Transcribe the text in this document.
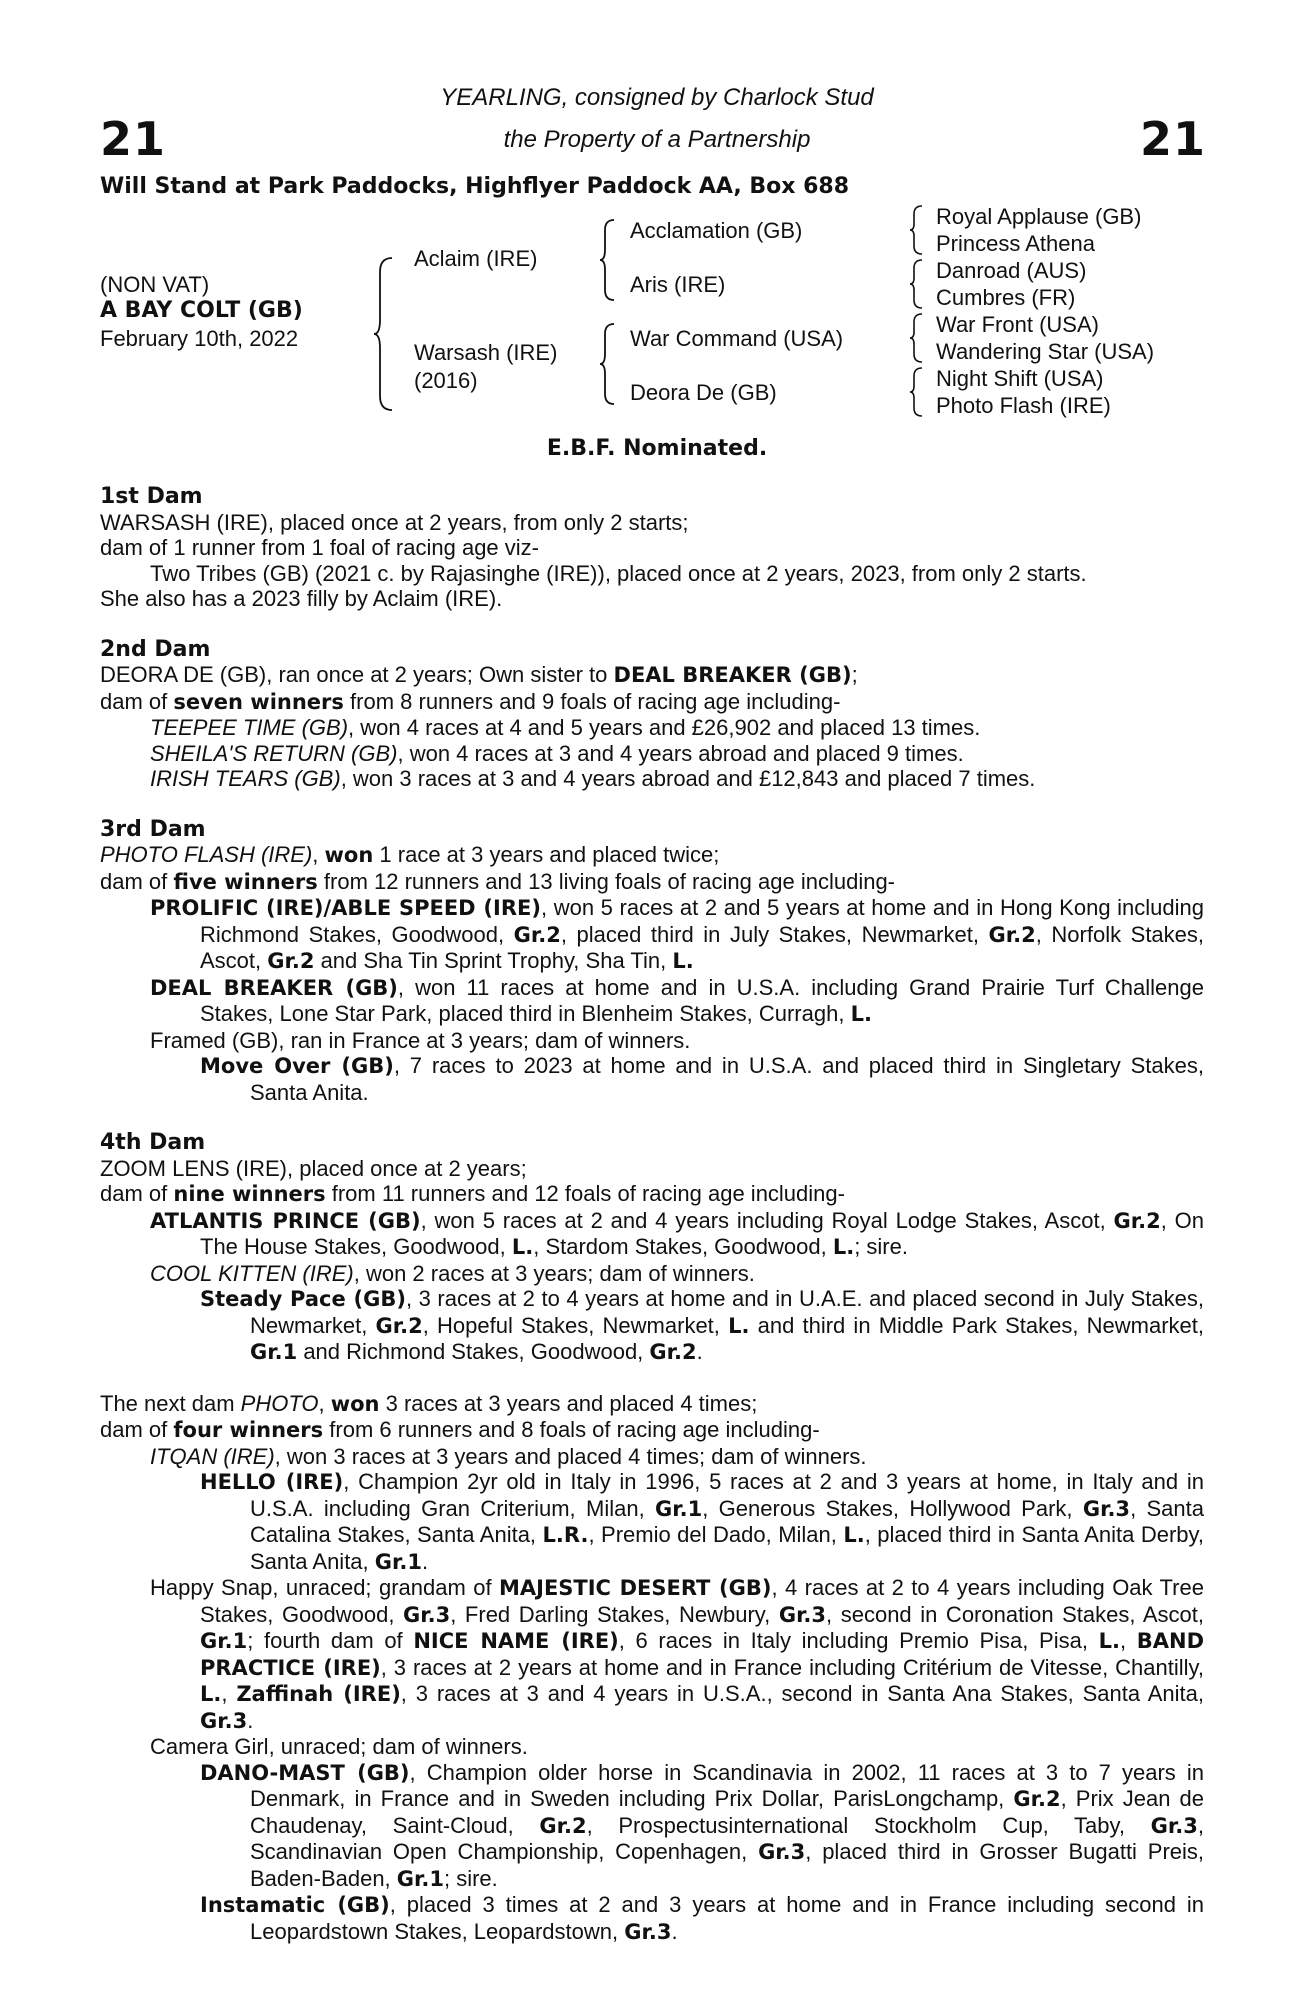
21	21
YEARLING, consigned by Charlock Stud
the Property of a Partnership
Will Stand at Park Paddocks, Highflyer Paddock AA, Box 688
(NON VAT)
A BAY COLT (GB)
February 10th, 2022
Aclaim (IRE)
Warsash (IRE)
(2016)
Acclamation (GB)
Aris (IRE)
War Command (USA)
Deora De (GB)
Royal Applause (GB)
Princess Athena
Danroad (AUS)
Cumbres (FR)
War Front (USA)
Wandering Star (USA)
Night Shift (USA)
Photo Flash (IRE)
E.B.F. Nominated.

1st Dam

WARSASH (IRE), placed once at 2 years, from only 2 starts;

dam of 1 runner from 1 foal of racing age viz-

Two Tribes (GB) (2021 c. by Rajasinghe (IRE)), placed once at 2 years, 2023, from only 2 starts.

She also has a 2023 filly by Aclaim (IRE).

2nd Dam

DEORA DE (GB), ran once at 2 years; Own sister to DEAL BREAKER (GB);

dam of seven winners from 8 runners and 9 foals of racing age including-

TEEPEE TIME (GB), won 4 races at 4 and 5 years and £26,902 and placed 13 times.

SHEILA'S RETURN (GB), won 4 races at 3 and 4 years abroad and placed 9 times.

IRISH TEARS (GB), won 3 races at 3 and 4 years abroad and £12,843 and placed 7 times.

3rd Dam

PHOTO FLASH (IRE), won 1 race at 3 years and placed twice;

dam of five winners from 12 runners and 13 living foals of racing age including-

PROLIFIC (IRE)/ABLE SPEED (IRE), won 5 races at 2 and 5 years at home and in Hong Kong including Richmond Stakes, Goodwood, Gr.2, placed third in July Stakes, Newmarket, Gr.2, Norfolk Stakes, Ascot, Gr.2 and Sha Tin Sprint Trophy, Sha Tin, L.

DEAL BREAKER (GB), won 11 races at home and in U.S.A. including Grand Prairie Turf Challenge Stakes, Lone Star Park, placed third in Blenheim Stakes, Curragh, L.

Framed (GB), ran in France at 3 years; dam of winners.

Move Over (GB), 7 races to 2023 at home and in U.S.A. and placed third in Singletary Stakes, Santa Anita.

4th Dam

ZOOM LENS (IRE), placed once at 2 years;

dam of nine winners from 11 runners and 12 foals of racing age including-

ATLANTIS PRINCE (GB), won 5 races at 2 and 4 years including Royal Lodge Stakes, Ascot, Gr.2, On The House Stakes, Goodwood, L., Stardom Stakes, Goodwood, L.; sire.

COOL KITTEN (IRE), won 2 races at 3 years; dam of winners.

Steady Pace (GB), 3 races at 2 to 4 years at home and in U.A.E. and placed second in July Stakes, Newmarket, Gr.2, Hopeful Stakes, Newmarket, L. and third in Middle Park Stakes, Newmarket, Gr.1 and Richmond Stakes, Goodwood, Gr.2.

The next dam PHOTO, won 3 races at 3 years and placed 4 times;

dam of four winners from 6 runners and 8 foals of racing age including-

ITQAN (IRE), won 3 races at 3 years and placed 4 times; dam of winners.

HELLO (IRE), Champion 2yr old in Italy in 1996, 5 races at 2 and 3 years at home, in Italy and in U.S.A. including Gran Criterium, Milan, Gr.1, Generous Stakes, Hollywood Park, Gr.3, Santa Catalina Stakes, Santa Anita, L.R., Premio del Dado, Milan, L., placed third in Santa Anita Derby, Santa Anita, Gr.1.

Happy Snap, unraced; grandam of MAJESTIC DESERT (GB), 4 races at 2 to 4 years including Oak Tree Stakes, Goodwood, Gr.3, Fred Darling Stakes, Newbury, Gr.3, second in Coronation Stakes, Ascot, Gr.1; fourth dam of NICE NAME (IRE), 6 races in Italy including Premio Pisa, Pisa, L., BAND PRACTICE (IRE), 3 races at 2 years at home and in France including Critérium de Vitesse, Chantilly, L., Zaffinah (IRE), 3 races at 3 and 4 years in U.S.A., second in Santa Ana Stakes, Santa Anita, Gr.3.

Camera Girl, unraced; dam of winners.

DANO-MAST (GB), Champion older horse in Scandinavia in 2002, 11 races at 3 to 7 years in Denmark, in France and in Sweden including Prix Dollar, ParisLongchamp, Gr.2, Prix Jean de Chaudenay, Saint-Cloud, Gr.2, Prospectusinternational Stockholm Cup, Taby, Gr.3, Scandinavian Open Championship, Copenhagen, Gr.3, placed third in Grosser Bugatti Preis, Baden-Baden, Gr.1; sire.

Instamatic (GB), placed 3 times at 2 and 3 years at home and in France including second in Leopardstown Stakes, Leopardstown, Gr.3.
